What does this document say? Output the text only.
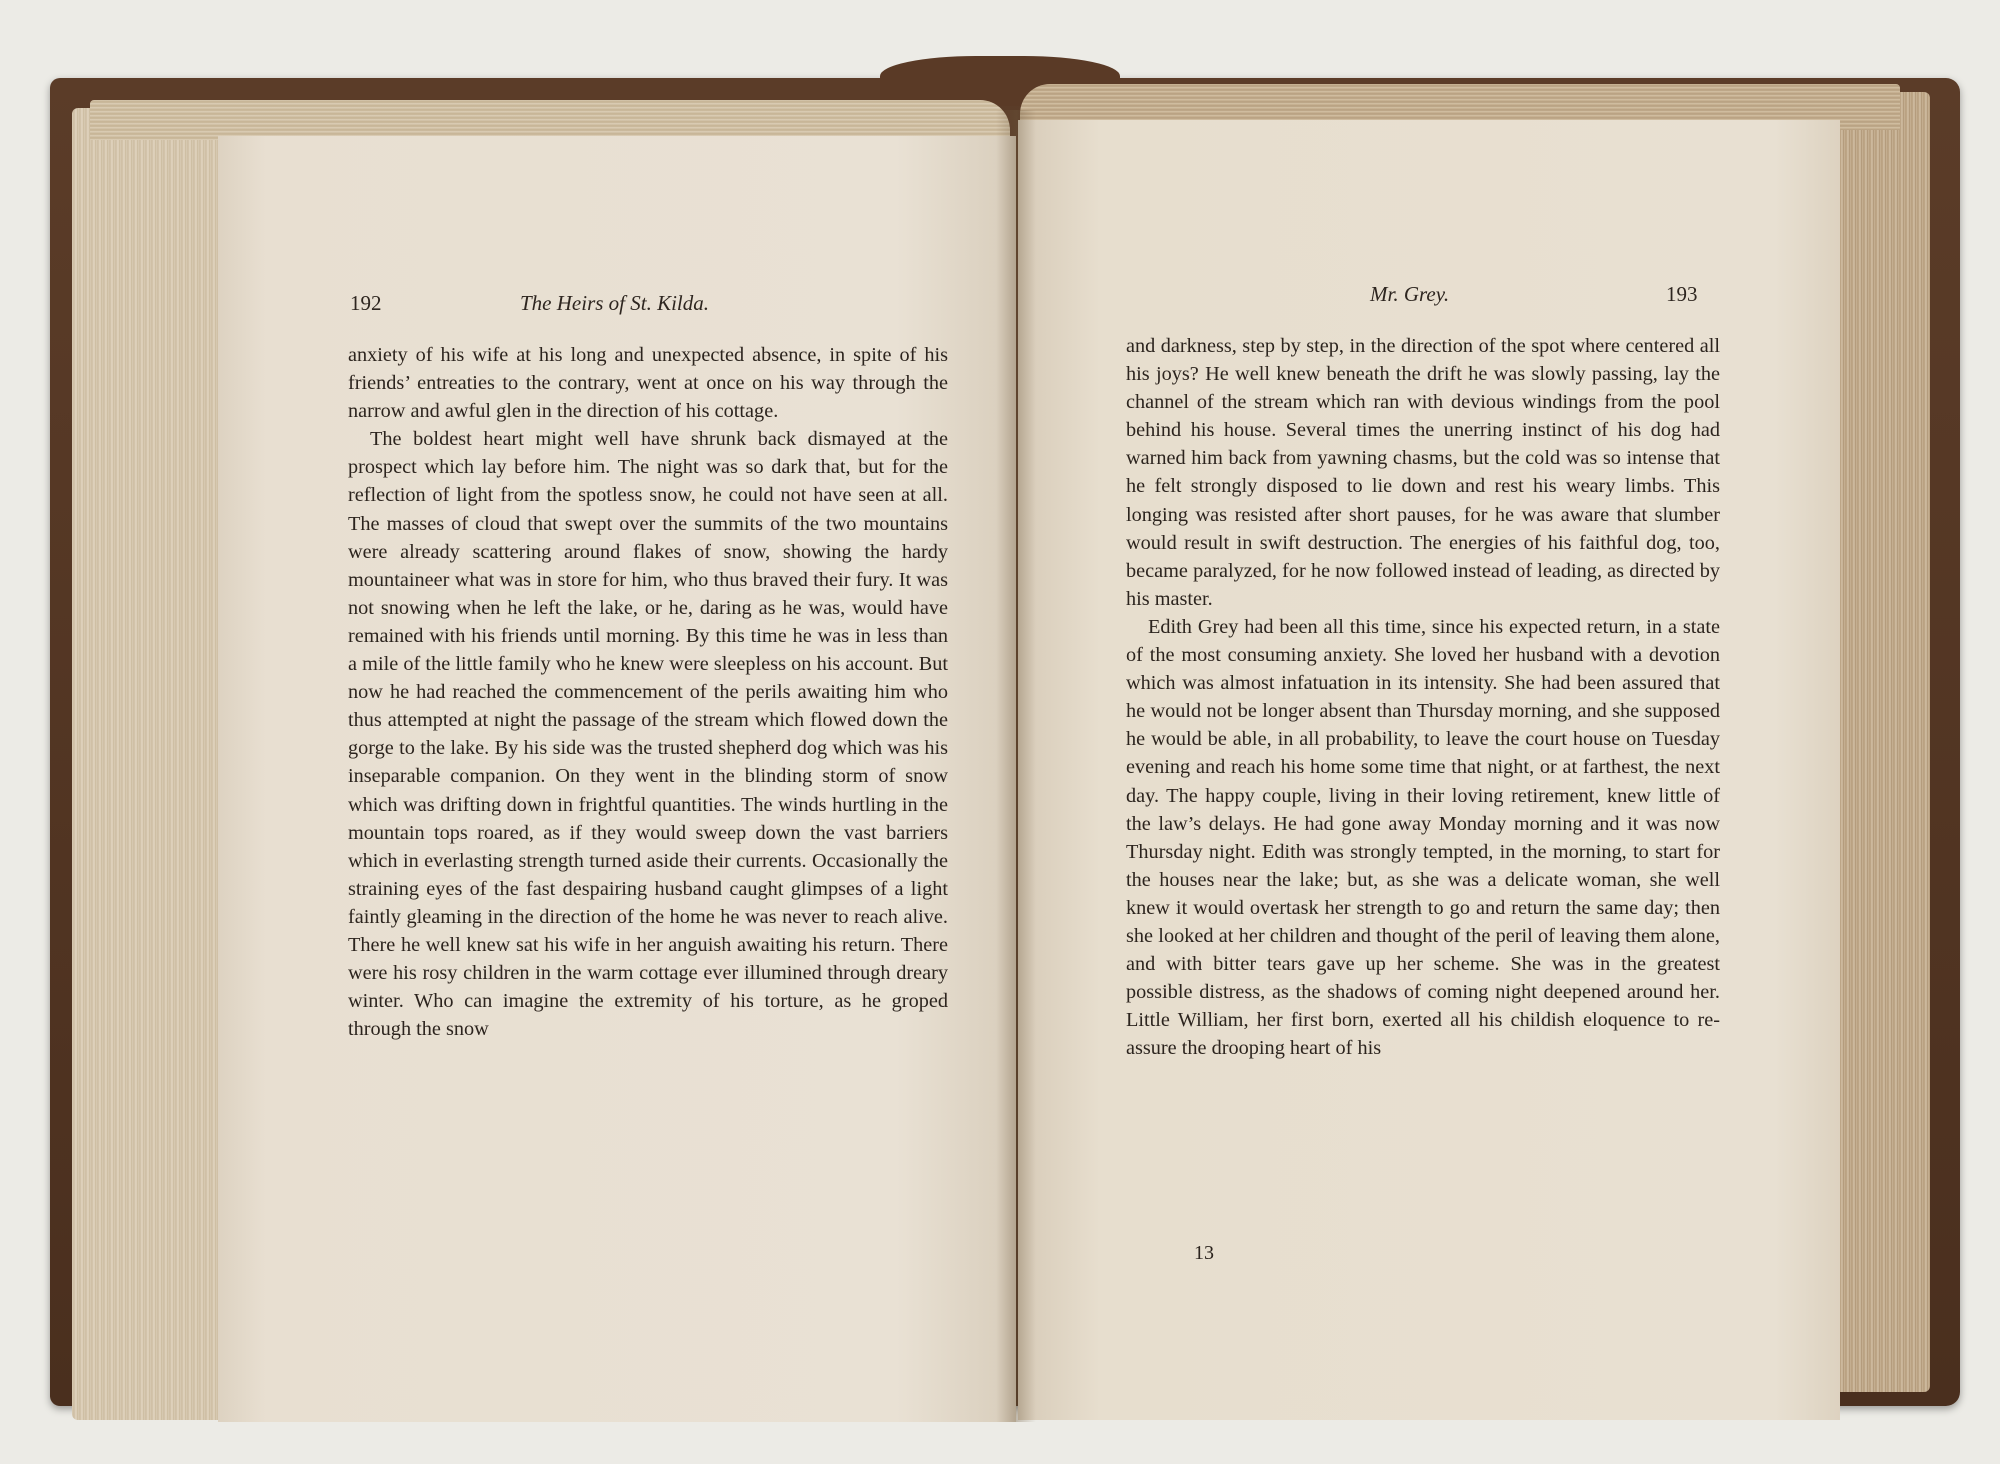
192	The Heirs of St. Kilda.

anxiety of his wife at his long and unexpected absence, in spite of his friends’ entreaties to the contrary, went at once on his way through the narrow and awful glen in the direction of his cottage.

The boldest heart might well have shrunk back dismayed at the prospect which lay before him. The night was so dark that, but for the reflection of light from the spotless snow, he could not have seen at all. The masses of cloud that swept over the summits of the two mountains were already scattering around flakes of snow, showing the hardy mountaineer what was in store for him, who thus braved their fury. It was not snowing when he left the lake, or he, daring as he was, would have remained with his friends until morning. By this time he was in less than a mile of the little family who he knew were sleepless on his account. But now he had reached the commencement of the perils awaiting him who thus attempted at night the passage of the stream which flowed down the gorge to the lake. By his side was the trusted shepherd dog which was his inseparable companion. On they went in the blinding storm of snow which was drifting down in frightful quantities. The winds hurtling in the mountain tops roared, as if they would sweep down the vast barriers which in everlasting strength turned aside their currents. Occasionally the straining eyes of the fast despairing husband caught glimpses of a light faintly gleaming in the direction of the home he was never to reach alive. There he well knew sat his wife in her anguish awaiting his return. There were his rosy children in the warm cottage ever illumined through dreary winter. Who can imagine the extremity of his torture, as he groped through the snow

Mr. Grey.	193

and darkness, step by step, in the direction of the spot where centered all his joys? He well knew beneath the drift he was slowly passing, lay the channel of the stream which ran with devious windings from the pool behind his house. Several times the unerring instinct of his dog had warned him back from yawning chasms, but the cold was so intense that he felt strongly disposed to lie down and rest his weary limbs. This longing was resisted after short pauses, for he was aware that slumber would result in swift destruction. The energies of his faithful dog, too, became paralyzed, for he now followed instead of leading, as directed by his master.

Edith Grey had been all this time, since his expected return, in a state of the most consuming anxiety. She loved her husband with a devotion which was almost infatuation in its intensity. She had been assured that he would not be longer absent than Thursday morning, and she supposed he would be able, in all probability, to leave the court house on Tuesday evening and reach his home some time that night, or at farthest, the next day. The happy couple, living in their loving retirement, knew little of the law’s delays. He had gone away Monday morning and it was now Thursday night. Edith was strongly tempted, in the morning, to start for the houses near the lake; but, as she was a delicate woman, she well knew it would overtask her strength to go and return the same day; then she looked at her children and thought of the peril of leaving them alone, and with bitter tears gave up her scheme. She was in the greatest possible distress, as the shadows of coming night deepened around her. Little William, her first born, exerted all his childish eloquence to re-assure the drooping heart of his

13
